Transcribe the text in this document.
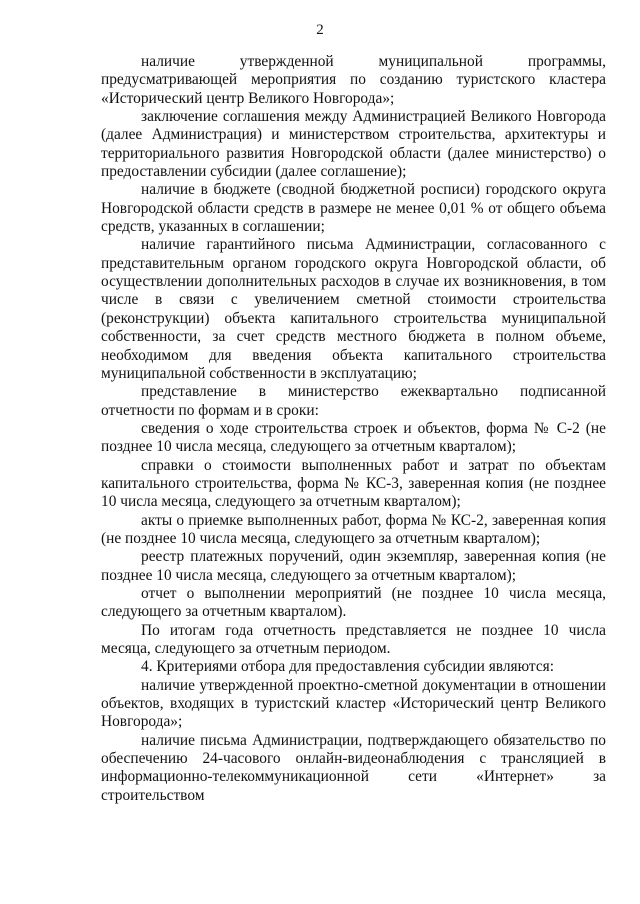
2

наличие утвержденной муниципальной программы, предусматривающей мероприятия по созданию туристского кластера «Исторический центр Великого Новгорода»;

заключение соглашения между Администрацией Великого Новгорода (далее Администрация) и министерством строительства, архитектуры и территориального развития Новгородской области (далее министерство) о предоставлении субсидии (далее соглашение);

наличие в бюджете (сводной бюджетной росписи) городского округа Новгородской области средств в размере не менее 0,01 % от общего объема средств, указанных в соглашении;

наличие гарантийного письма Администрации, согласованного с представительным органом городского округа Новгородской области, об осуществлении дополнительных расходов в случае их возникновения, в том числе в связи с увеличением сметной стоимости строительства (реконструкции) объекта капитального строительства муниципальной собственности, за счет средств местного бюджета в полном объеме, необходимом для введения объекта капитального строительства муниципальной собственности в эксплуатацию;

представление в министерство ежеквартально подписанной отчетности по формам и в сроки:

сведения о ходе строительства строек и объектов, форма № С-2 (не позднее 10 числа месяца, следующего за отчетным кварталом);

справки о стоимости выполненных работ и затрат по объектам капитального строительства, форма № КС-3, заверенная копия (не позднее 10 числа месяца, следующего за отчетным кварталом);

акты о приемке выполненных работ, форма № КС-2, заверенная копия (не позднее 10 числа месяца, следующего за отчетным кварталом);

реестр платежных поручений, один экземпляр, заверенная копия (не позднее 10 числа месяца, следующего за отчетным кварталом);

отчет о выполнении мероприятий (не позднее 10 числа месяца, следующего за отчетным кварталом).

По итогам года отчетность представляется не позднее 10 числа месяца, следующего за отчетным периодом.

4. Критериями отбора для предоставления субсидии являются:

наличие утвержденной проектно-сметной документации в отношении объектов, входящих в туристский кластер «Исторический центр Великого Новгорода»;

наличие письма Администрации, подтверждающего обязательство по обеспечению 24-часового онлайн-видеонаблюдения с трансляцией в информационно-телекоммуникационной сети «Интернет» за строительством
